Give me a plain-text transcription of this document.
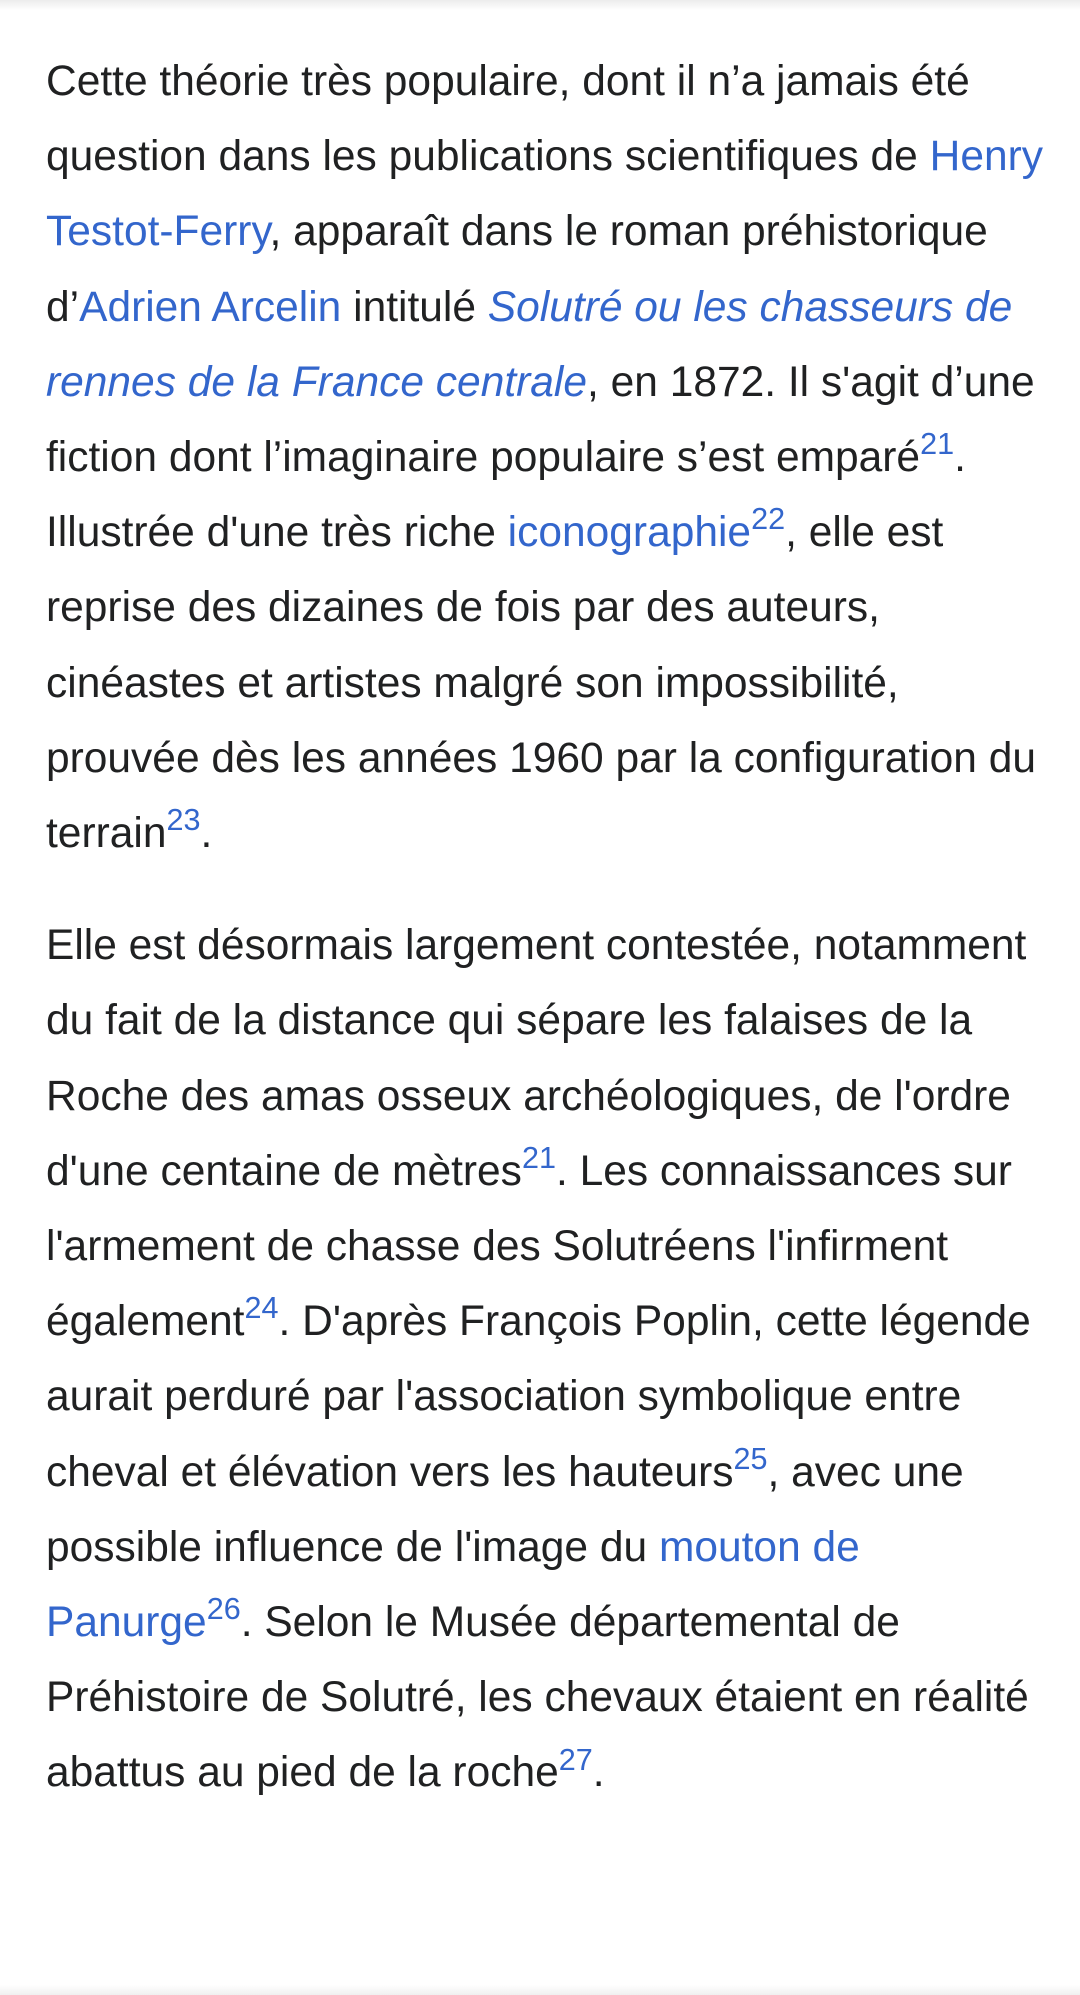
Cette théorie très populaire, dont il n’a jamais été question dans les publications scientifiques de Henry Testot-Ferry, apparaît dans le roman préhistorique d’Adrien Arcelin intitulé Solutré ou les chasseurs de rennes de la France centrale, en 1872. Il s'agit d’une fiction dont l’imaginaire populaire s’est emparé$^{21}$. Illustrée d'une très riche iconographie$^{22}$, elle est reprise des dizaines de fois par des auteurs, cinéastes et artistes malgré son impossibilité, prouvée dès les années 1960 par la configuration du terrain$^{23}$.

Elle est désormais largement contestée, notamment du fait de la distance qui sépare les falaises de la Roche des amas osseux archéologiques, de l'ordre d'une centaine de mètres$^{21}$. Les connaissances sur l'armement de chasse des Solutréens l'infirment également$^{24}$. D'après François Poplin, cette légende aurait perduré par l'association symbolique entre cheval et élévation vers les hauteurs$^{25}$, avec une possible influence de l'image du mouton de Panurge$^{26}$. Selon le Musée départemental de Préhistoire de Solutré, les chevaux étaient en réalité abattus au pied de la roche$^{27}$.
